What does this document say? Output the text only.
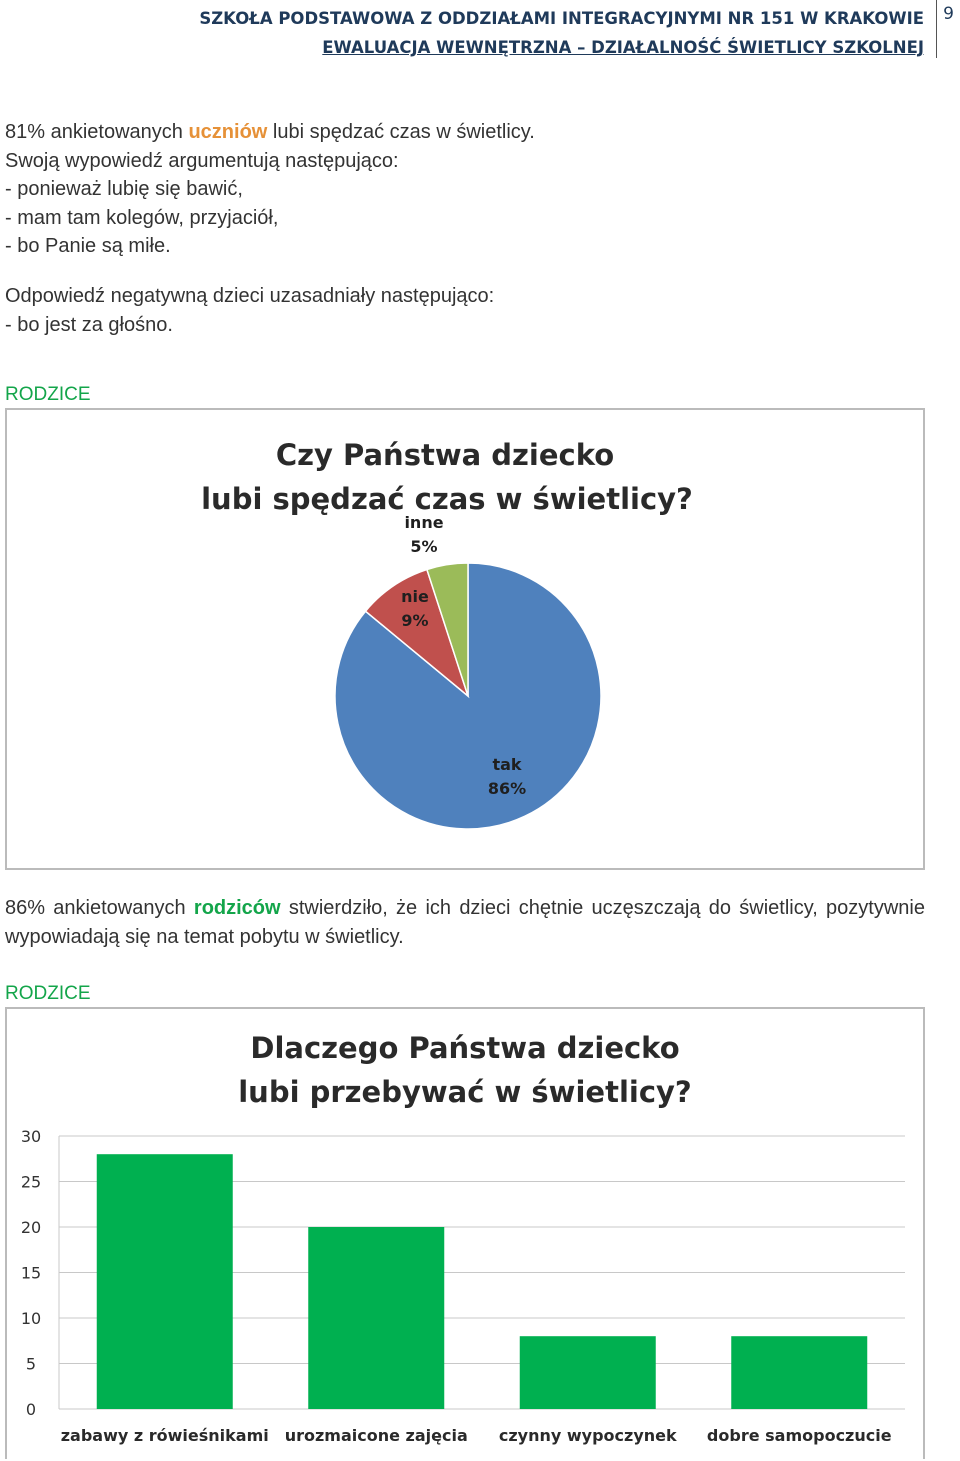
SZKOŁA PODSTAWOWA Z ODDZIAŁAMI INTEGRACYJNYMI NR 151 W KRAKOWIE
EWALUACJA WEWNĘTRZNA – DZIAŁALNOŚĆ ŚWIETLICY SZKOLNEJ
9
81% ankietowanych uczniów lubi spędzać czas w świetlicy.
Swoją wypowiedź argumentują następująco:
- ponieważ lubię się bawić,
- mam tam kolegów, przyjaciół,
- bo Panie są miłe.
Odpowiedź negatywną dzieci uzasadniały następująco:
- bo jest za głośno.
RODZICE
Czy Państwa dziecko
lubi spędzać czas w świetlicy?
tak
86%
nie
9%
inne
5%
86% ankietowanych rodziców stwierdziło, że ich dzieci chętnie uczęszczają do świetlicy, pozytywnie wypowiadają się na temat pobytu w świetlicy.
RODZICE
Dlaczego Państwa dziecko
lubi przebywać w świetlicy?
0
5
10
15
20
25
30
zabawy z rówieśnikami urozmaicone zajęcia czynny wypoczynek dobre samopoczucie
